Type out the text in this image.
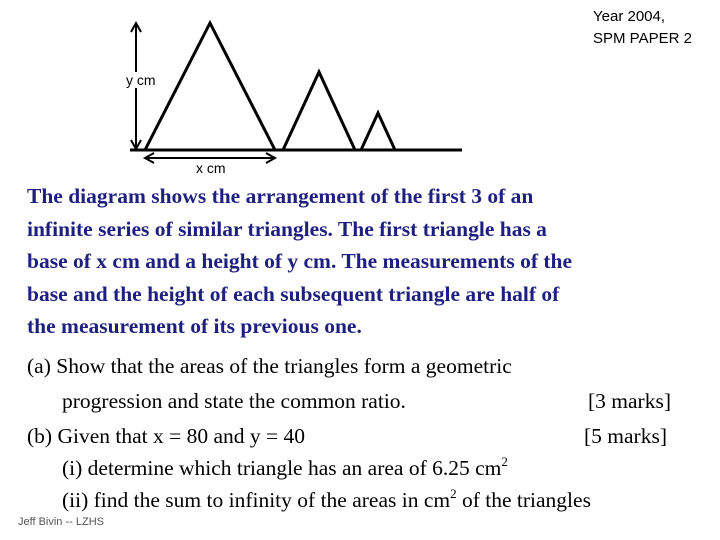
Year 2004,
SPM PAPER 2
y cm
x cm
The diagram shows the arrangement of the first 3 of an
infinite series of similar triangles. The first triangle has a
base of x cm and a height of y cm. The measurements of the
base and the height of each subsequent triangle are half of
the measurement of its previous one.
(a) Show that the areas of the triangles form a geometric
progression and state the common ratio.	[3 marks]
(b) Given that x = 80 and y = 40	[5 marks]
(i) determine which triangle has an area of 6.25 $cm^2$
(ii) find the sum to infinity of the areas in $cm^2$ of the triangles
Jeff Bivin -- LZHS
